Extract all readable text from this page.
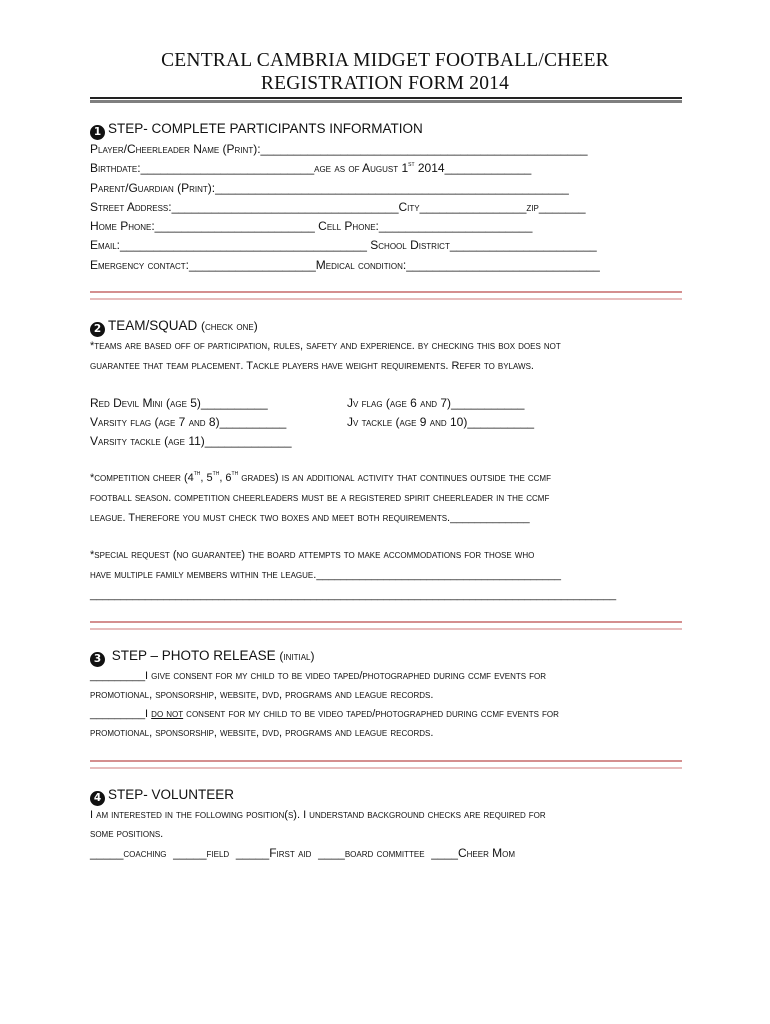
CENTRAL CAMBRIA MIDGET FOOTBALL/CHEER
REGISTRATION FORM 2014
1 STEP- COMPLETE PARTICIPANTS INFORMATION
Player/Cheerleader Name (Print):_________________________________________________
Birthdate:__________________________age as of August 1st 2014_____________
Parent/Guardian (Print):_____________________________________________________
Street Address:__________________________________City________________zip_______
Home Phone:________________________ Cell Phone:_______________________
Email:_____________________________________ School District______________________
Emergency contact:___________________Medical condition:_____________________________
2 TEAM/SQUAD (check one)
*teams are based off of participation, rules, safety and experience. by checking this box does not
guarantee that team placement. Tackle players have weight requirements. Refer to bylaws.
Red Devil Mini (age 5)__________	Jv flag (age 6 and 7)___________
Varsity flag (age 7 and 8)__________	Jv tackle (age 9 and 10)__________
Varsity tackle (age 11)_____________
*competition cheer (4th, 5th, 6th grades) is an additional activity that continues outside the ccmf
football season. competition cheerleaders must be a registered spirit cheerleader in the ccmf
league. Therefore you must check two boxes and meet both requirements._____________
*special request (no guarantee) the board attempts to make accommodations for those who
have multiple family members within the league.________________________________________
______________________________________________________________________________________
3 STEP – PHOTO RELEASE (initial)
_________I give consent for my child to be video taped/photographed during ccmf events for
promotional, sponsorship, website, dvd, programs and league records.
_________I do not consent for my child to be video taped/photographed during ccmf events for
promotional, sponsorship, website, dvd, programs and league records.
4 STEP- VOLUNTEER
I am interested in the following position(s). I understand background checks are required for
some positions.
_____coaching  _____field  _____First aid  ____board committee  ____Cheer Mom
